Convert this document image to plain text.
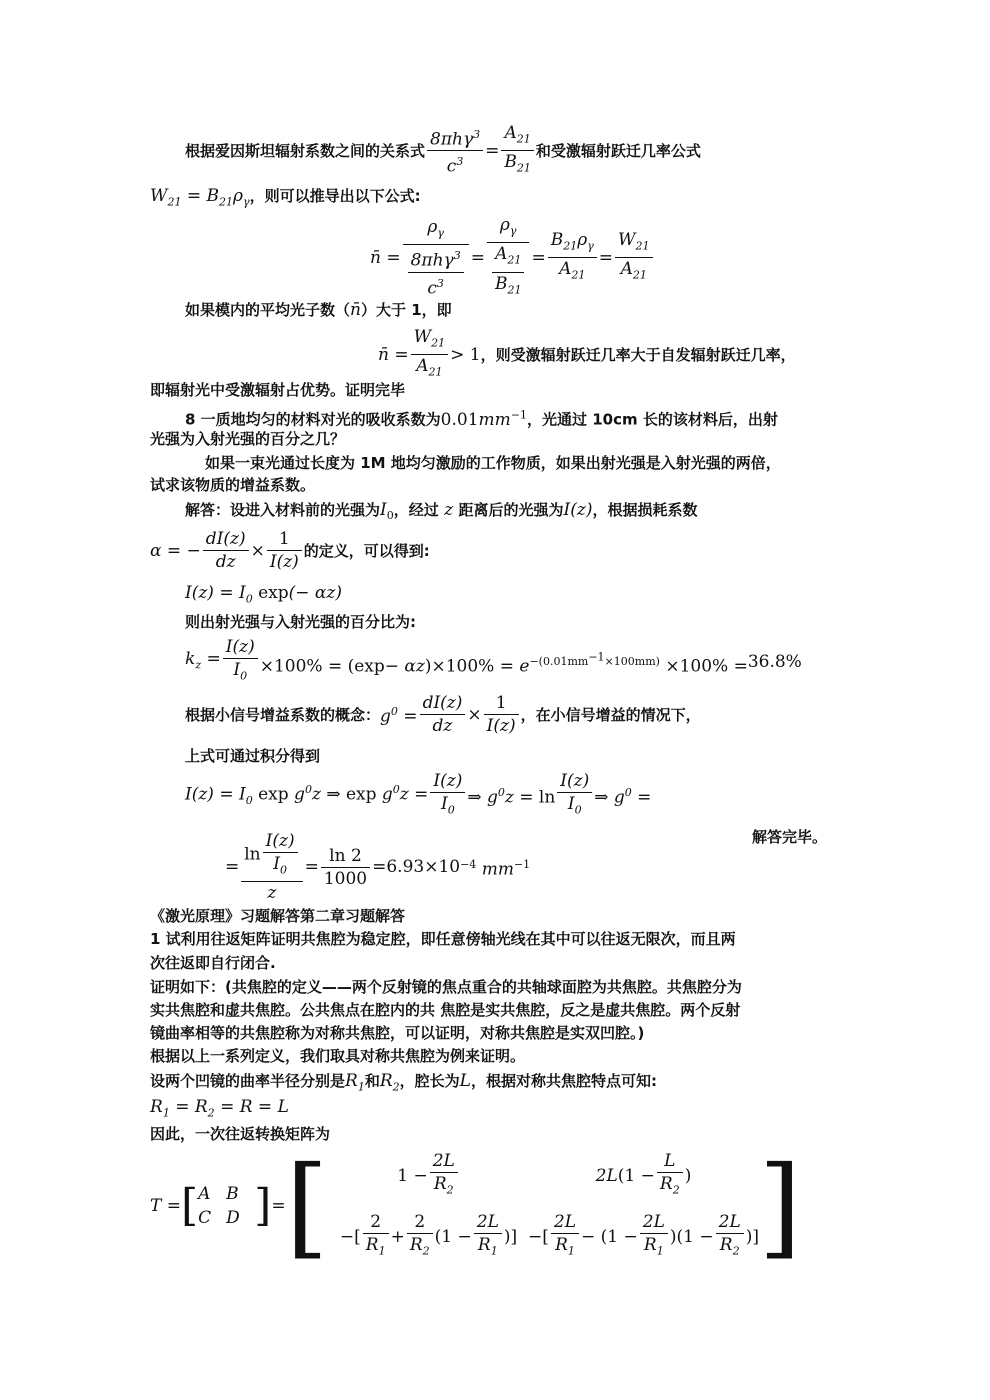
根据爱因斯坦辐射系数之间的关系式 $\frac{8\pi h\gamma^3}{c^3} = \frac{A_{21}}{B_{21}}$ 和受激辐射跃迁几率公式
$W_{21} = B_{21}\rho_\gamma$，则可以推导出以下公式:
n̄ = $\frac{\rho_\gamma}{\frac{8\pi h\gamma^3}{c^3}} = \frac{\rho_\gamma}{\frac{A_{21}}{B_{21}}} = \frac{B_{21}\rho_\gamma}{A_{21}} = \frac{W_{21}}{A_{21}}$
如果模内的平均光子数（n̄）大于 1，即
n̄ = $\frac{W_{21}}{A_{21}} > 1$ ，则受激辐射跃迁几率大于自发辐射跃迁几率，
即辐射光中受激辐射占优势。证明完毕
8 一质地均匀的材料对光的吸收系数为$0.01mm^{-1}$，光通过 10cm 长的该材料后，出射
光强为入射光强的百分之几？
如果一束光通过长度为 1M 地均匀激励的工作物质，如果出射光强是入射光强的两倍，
试求该物质的增益系数。
解答：设进入材料前的光强为$I_0$，经过 z 距离后的光强为I(z)，根据损耗系数
α = − $\frac{dI(z)}{dz} \times \frac{1}{I(z)}$ 的定义，可以得到:
$I(z) = I_0$ exp(− αz)
则出射光强与入射光强的百分比为:
$k_z = \frac{I(z)}{I_0} \times 100\% = (\exp- \alpha z)\times 100\% = e^{-(0.01mm^{-1}\times 100mm)} \times 100\% = 36.8\%$
根据小信号增益系数的概念： $g^0 = \frac{dI(z)}{dz} \times \frac{1}{I(z)}$ ，在小信号增益的情况下，
上式可通过积分得到
$I(z) = I_0$ $\exp g^0z$ ⇒ $\exp g^0z = \frac{I(z)}{I_0}$ ⇒ $g^0z = \ln \frac{I(z)}{I_0}$ ⇒ $g^0$ =
= $\frac{\ln \frac{I(z)}{I_0}}{z} = \frac{\ln 2}{1000} = 6.93\times 10$ $^{-4}$ $mm^{-1}$
解答完毕。
《激光原理》习题解答第二章习题解答
1 试利用往返矩阵证明共焦腔为稳定腔，即任意傍轴光线在其中可以往返无限次，而且两
次往返即自行闭合.
证明如下：(共焦腔的定义——两个反射镜的焦点重合的共轴球面腔为共焦腔。共焦腔分为
实共焦腔和虚共焦腔。公共焦点在腔内的共 焦腔是实共焦腔，反之是虚共焦腔。两个反射
镜曲率相等的共焦腔称为对称共焦腔，可以证明，对称共焦腔是实双凹腔。)
根据以上一系列定义，我们取具对称共焦腔为例来证明。
设两个凹镜的曲率半径分别是$R_1$和$R_2$，腔长为L，根据对称共焦腔特点可知:
$R_1 = R_2 = R = L$
因此，一次往返转换矩阵为
T = [ A B
C D ] = [	$1 - \frac{2L}{R_2}$	2L ($1 - \frac{L}{R_2}$ )
−[ $\frac{2}{R_1} + \frac{2}{R_2} (1 - \frac{2L}{R_1}$ )] −[ $\frac{2L}{R_1} - (1 - \frac{2L}{R_1} )(1 - \frac{2L}{R_2}$ )] ]
